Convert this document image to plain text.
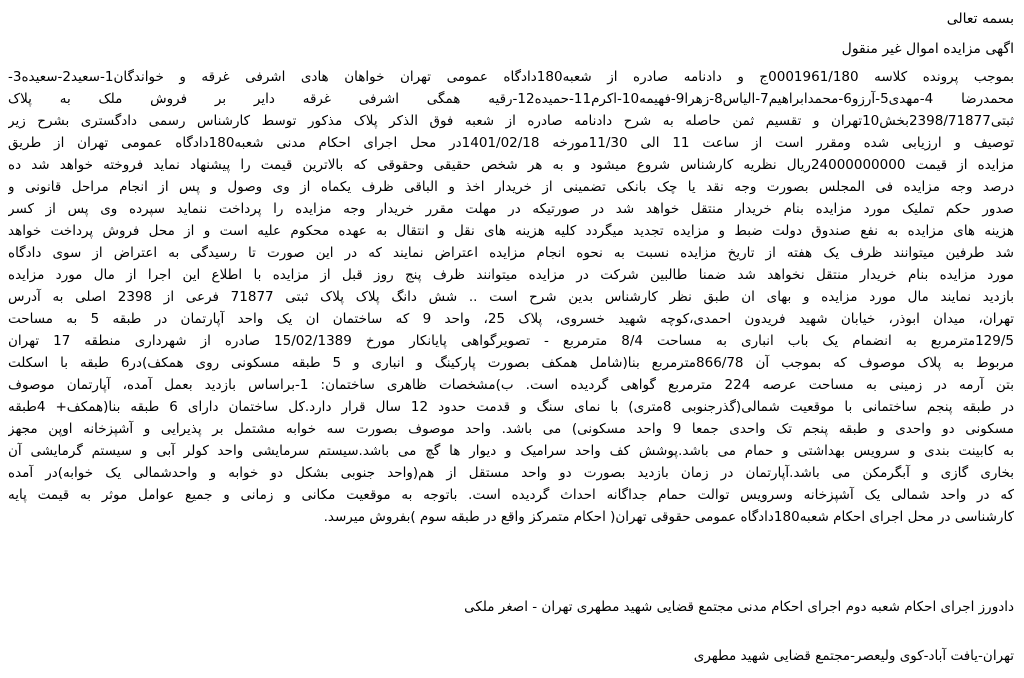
بسمه تعالی
اگهی مزایده اموال غیر منقول
بموجب پرونده کلاسه 0001961/180ج و دادنامه صادره از شعبه180دادگاه عمومی تهران خواهان هادی اشرفی غرقه و خواندگان1-سعید2-سعیده3-
محمدرضا 4-مهدی5-آرزو6-محمدابراهیم7-الیاس8-زهرا9-فهیمه10-اکرم11-حمیده12-رقیه همگی اشرفی غرقه دایر بر فروش ملک به پلاک
ثبتی2398/71877بخش10تهران و تقسیم ثمن حاصله به شرح دادنامه صادره از شعبه فوق الذکر پلاک مذکور توسط کارشناس رسمی دادگستری بشرح زیر
توصیف و ارزیابی شده ومقرر است از ساعت 11 الی 11/30مورخه 1401/02/18در محل اجرای احکام مدنی شعبه180دادگاه عمومی تهران از طریق
مزایده از قیمت 24000000000ریال نظریه کارشناس شروع میشود و به هر شخص حقیقی وحقوقی که بالاترین قیمت را پیشنهاد نماید فروخته خواهد شد ده
درصد وجه مزایده فی المجلس بصورت وجه نقد یا چک بانکی تضمینی از خریدار اخذ و الباقی ظرف یکماه از وی وصول و پس از انجام مراحل قانونی و
صدور حکم تملیک مورد مزایده بنام خریدار منتقل خواهد شد در صورتیکه در مهلت مقرر خریدار وجه مزایده را پرداخت ننماید سپرده وی پس از کسر
هزینه های مزایده به نفع صندوق دولت ضبط و مزایده تجدید میگردد کلیه هزینه های نقل و انتقال به عهده محکوم علیه است و از محل فروش پرداخت خواهد
شد طرفین میتوانند ظرف یک هفته از تاریخ مزایده نسبت به نحوه انجام مزایده اعتراض نمایند که در این صورت تا رسیدگی به اعتراض از سوی دادگاه
مورد مزایده بنام خریدار منتقل نخواهد شد ضمنا طالبین شرکت در مزایده میتوانند ظرف پنج روز قبل از مزایده با اطلاع این اجرا از مال مورد مزایده
بازدید نمایند مال مورد مزایده و بهای ان طبق نظر کارشناس بدین شرح است .. شش دانگ پلاک پلاک ثبتی 71877 فرعی از 2398 اصلی به آدرس
تهران، میدان ابوذر، خیابان شهید فریدون احمدی،کوچه شهید خسروی، پلاک 25، واحد 9 که ساختمان ان یک واحد آپارتمان در طبقه 5 به مساحت
129/5مترمربع به انضمام یک باب انباری به مساحت 8/4 مترمربع - تصویرگواهی پایانکار مورخ 15/02/1389 صادره از شهرداری منطقه 17 تهران
مربوط به پلاک موصوف که بموجب آن 866/78مترمربع بنا(شامل همکف بصورت پارکینگ و انباری و 5 طبقه مسکونی روی همکف)در6 طبقه با اسکلت
بتن آرمه در زمینی به مساحت عرصه 224 مترمربع گواهی گردیده است. ب)مشخصات ظاهری ساختمان: 1-براساس بازدید بعمل آمده، آپارتمان موصوف
در طبقه پنجم ساختمانی با موقعیت شمالی(گذرجنوبی 8متری) با نمای سنگ و قدمت حدود 12 سال قرار دارد.کل ساختمان دارای 6 طبقه بنا(همکف+ 4طبقه
مسکونی دو واحدی و طبقه پنجم تک واحدی جمعا 9 واحد مسکونی) می باشد. واحد موصوف بصورت سه خوابه مشتمل بر پذیرایی و آشپزخانه اوپن مجهز
به کابینت بندی و سرویس بهداشتی و حمام می باشد.پوشش کف واحد سرامیک و دیوار ها گچ می باشد.سیستم سرمایشی واحد کولر آبی و سیستم گرمایشی آن
بخاری گازی و آبگرمکن می باشد.آپارتمان در زمان بازدید بصورت دو واحد مستقل از هم(واحد جنوبی بشکل دو خوابه و واحدشمالی یک خوابه)در آمده
که در واحد شمالی یک آشپزخانه وسرویس توالت حمام جداگانه احداث گردیده است. باتوجه به موقعیت مکانی و زمانی و جمیع عوامل موثر به قیمت پایه
کارشناسی در محل اجرای احکام شعبه180دادگاه عمومی حقوقی تهران( احکام متمرکز واقع در طبقه سوم )بفروش میرسد.
دادورز اجرای احکام شعبه دوم اجرای احکام مدنی مجتمع قضایی شهید مطهری تهران - اصغر ملکی
تهران-یافت آباد-کوی ولیعصر-مجتمع قضایی شهید مطهری
